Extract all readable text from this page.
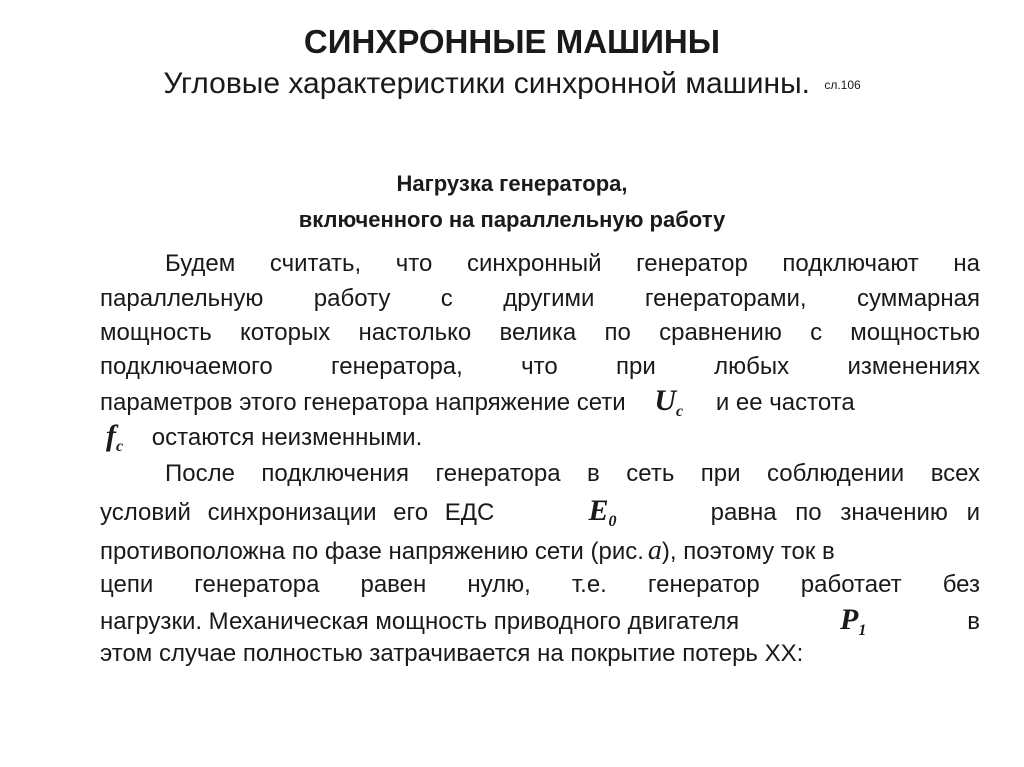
СИНХРОННЫЕ МАШИНЫ
Угловые характеристики синхронной машины. сл.106
Нагрузка генератора,
включенного на параллельную работу
Будем считать, что синхронный генератор подключают на
параллельную работу с другими генераторами, суммарная
мощность которых настолько велика по сравнению с мощностью
подключаемого генератора, что при любых изменениях
параметров этого генератора напряжение сети $U_с$ и ее частота
$f_с$ остаются неизменными.
После подключения генератора в сеть при соблюдении всех
условий синхронизации его ЕДС	$E_0$	равна по значению и
противоположна по фазе напряжению сети (рис. a), поэтому ток в
цепи генератора равен нулю, т.е. генератор работает без
нагрузки. Механическая мощность приводного двигателя	$P_1$	в
этом случае полностью затрачивается на покрытие потерь ХХ:
